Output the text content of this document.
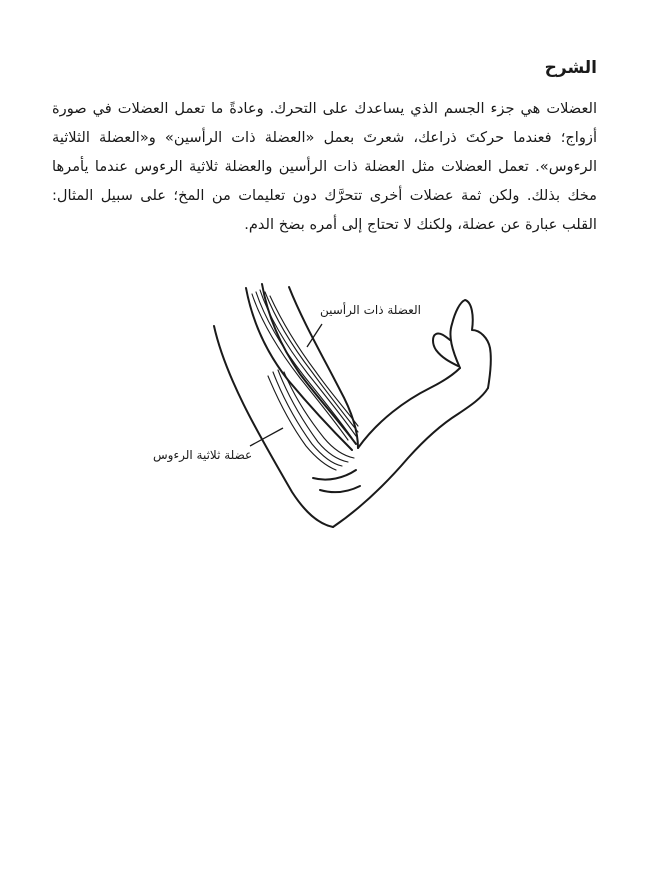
الشرح

العضلات هي جزء الجسم الذي يساعدك على التحرك. وعادةً ما تعمل العضلات في صورة أزواج؛ فعندما حركتَ ذراعك، شعرتَ بعمل «العضلة ذات الرأسين» و«العضلة الثلاثية الرءوس». تعمل العضلات مثل العضلة ذات الرأسين والعضلة ثلاثية الرءوس عندما يأمرها مخك بذلك. ولكن ثمة عضلات أخرى تتحرَّك دون تعليمات من المخ؛ على سبيل المثال: القلب عبارة عن عضلة، ولكنك لا تحتاج إلى أمره بضخ الدم.

العضلة ذات الرأسين
عضلة ثلاثية الرءوس
